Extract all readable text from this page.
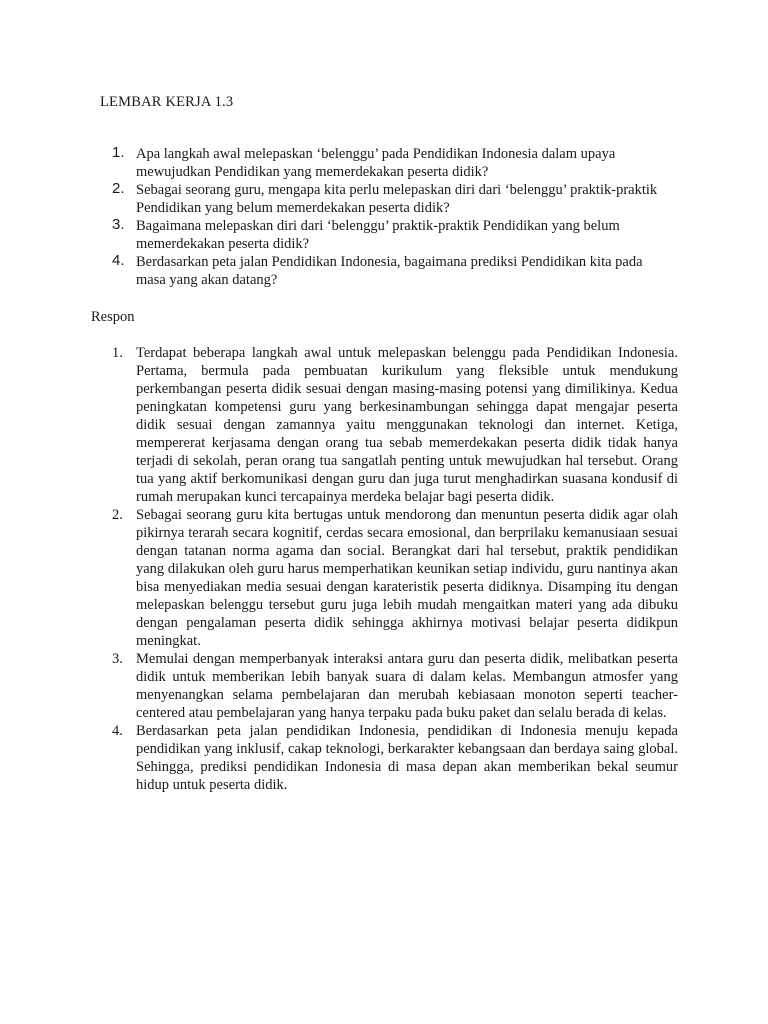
LEMBAR KERJA 1.3
1. Apa langkah awal melepaskan ‘belenggu’ pada Pendidikan Indonesia dalam upaya mewujudkan Pendidikan yang memerdekakan peserta didik?
2. Sebagai seorang guru, mengapa kita perlu melepaskan diri dari ‘belenggu’ praktik-praktik Pendidikan yang belum memerdekakan peserta didik?
3. Bagaimana melepaskan diri dari ‘belenggu’ praktik-praktik Pendidikan yang belum memerdekakan peserta didik?
4. Berdasarkan peta jalan Pendidikan Indonesia, bagaimana prediksi Pendidikan kita pada masa yang akan datang?
Respon
1. Terdapat beberapa langkah awal untuk melepaskan belenggu pada Pendidikan Indonesia. Pertama, bermula pada pembuatan kurikulum yang fleksible untuk mendukung perkembangan peserta didik sesuai dengan masing-masing potensi yang dimilikinya. Kedua peningkatan kompetensi guru yang berkesinambungan sehingga dapat mengajar peserta didik sesuai dengan zamannya yaitu menggunakan teknologi dan internet. Ketiga, mempererat kerjasama dengan orang tua sebab memerdekakan peserta didik tidak hanya terjadi di sekolah, peran orang tua sangatlah penting untuk mewujudkan hal tersebut. Orang tua yang aktif berkomunikasi dengan guru dan juga turut menghadirkan suasana kondusif di rumah merupakan kunci tercapainya merdeka belajar bagi peserta didik.
2. Sebagai seorang guru kita bertugas untuk mendorong dan menuntun peserta didik agar olah pikirnya terarah secara kognitif, cerdas secara emosional, dan berprilaku kemanusiaan sesuai dengan tatanan norma agama dan social. Berangkat dari hal tersebut, praktik pendidikan yang dilakukan oleh guru harus memperhatikan keunikan setiap individu, guru nantinya akan bisa menyediakan media sesuai dengan karateristik peserta didiknya. Disamping itu dengan melepaskan belenggu tersebut guru juga lebih mudah mengaitkan materi yang ada dibuku dengan pengalaman peserta didik sehingga akhirnya motivasi belajar peserta didikpun meningkat.
3. Memulai dengan memperbanyak interaksi antara guru dan peserta didik, melibatkan peserta didik untuk memberikan lebih banyak suara di dalam kelas. Membangun atmosfer yang menyenangkan selama pembelajaran dan merubah kebiasaan monoton seperti teacher-centered atau pembelajaran yang hanya terpaku pada buku paket dan selalu berada di kelas.
4. Berdasarkan peta jalan pendidikan Indonesia, pendidikan di Indonesia menuju kepada pendidikan yang inklusif, cakap teknologi, berkarakter kebangsaan dan berdaya saing global. Sehingga, prediksi pendidikan Indonesia di masa depan akan memberikan bekal seumur hidup untuk peserta didik.
